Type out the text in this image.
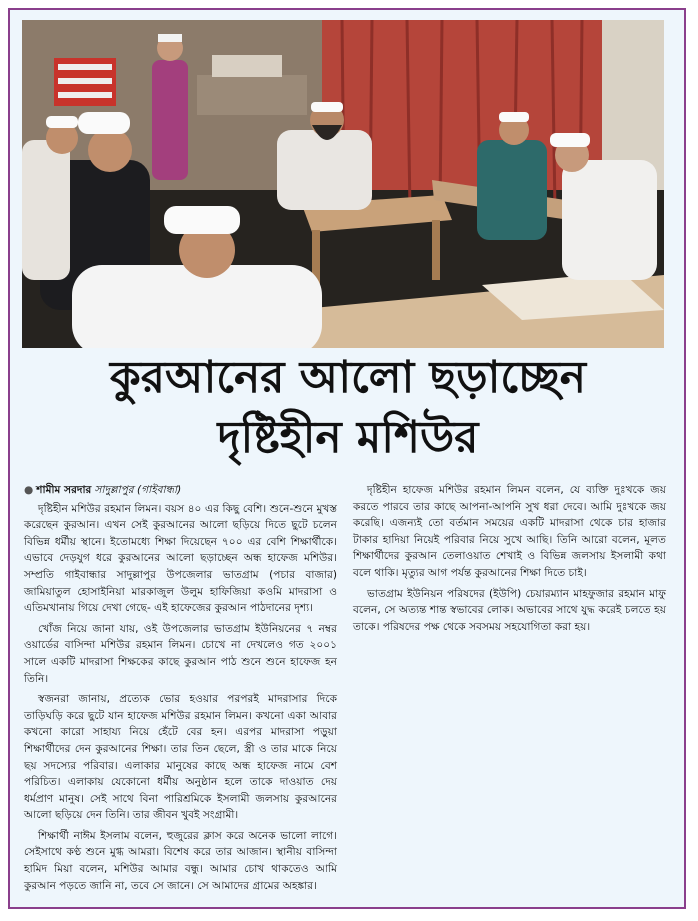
কুরআনের আলো ছড়াচ্ছেন
দৃষ্টিহীন মশিউর
● শামীম সরদার সাদুল্লাপুর (গাইবান্ধা)

দৃষ্টিহীন মশিউর রহমান লিমন। বয়স ৪০ এর কিছু বেশি। শুনে-শুনে মুখস্ত করেছেন কুরআন। এখন সেই কুরআনের আলো ছড়িয়ে দিতে ছুটে চলেন বিভিন্ন ধর্মীয় স্থানে। ইতোমধ্যে শিক্ষা দিয়েছেন ৭০০ এর বেশি শিক্ষার্থীকে। এভাবে দেড়যুগ ধরে কুরআনের আলো ছড়াচ্ছেন অন্ধ হাফেজ মশিউর। সম্প্রতি গাইবান্ধার সাদুল্লাপুর উপজেলার ভাতগ্রাম (পচার বাজার) জামিয়াতুল হোসাইনিয়া মারকাজুল উলুম হাফিজিয়া কওমি মাদরাসা ও এতিমখানায় গিয়ে দেখা গেছে- এই হাফেজের কুরআন পাঠদানের দৃশ্য।

খোঁজ নিয়ে জানা যায়, ওই উপজেলার ভাতগ্রাম ইউনিয়নের ৭ নম্বর ওয়ার্ডের বাসিন্দা মশিউর রহমান লিমন। চোখে না দেখলেও গত ২০০১ সালে একটি মাদরাসা শিক্ষকের কাছে কুরআন পাঠ শুনে শুনে হাফেজ হন তিনি।

স্বজনরা জানায়, প্রত্যেক ভোর হওয়ার পরপরই মাদরাসার দিকে তাড়িঘড়ি করে ছুটে যান হাফেজ মশিউর রহমান লিমন। কখনো একা আবার কখনো কারো সাহায্য নিয়ে হেঁটে বের হন। এরপর মাদরাসা পড়ুয়া শিক্ষার্থীদের দেন কুরআনের শিক্ষা। তার তিন ছেলে, স্ত্রী ও তার মাকে নিয়ে ছয় সদস্যের পরিবার। এলাকার মানুষের কাছে অন্ধ হাফেজ নামে বেশ পরিচিত। এলাকায় যেকোনো ধর্মীয় অনুষ্ঠান হলে তাকে দাওয়াত দেয় ধর্মপ্রাণ মানুষ। সেই সাথে বিনা পারিশ্রমিকে ইসলামী জলসায় কুরআনের আলো ছড়িয়ে দেন তিনি। তার জীবন খুবই সংগ্রামী।

শিক্ষার্থী নাঈম ইসলাম বলেন, হুজুরের ক্লাস করে অনেক ভালো লাগে। সেইসাথে কণ্ঠ শুনে মুগ্ধ আমরা। বিশেষ করে তার আজান। স্থানীয় বাসিন্দা হামিদ মিয়া বলেন, মশিউর আমার বন্ধু। আমার চোখ থাকতেও আমি কুরআন পড়তে জানি না, তবে সে জানে। সে আমাদের গ্রামের অহঙ্কার।

দৃষ্টিহীন হাফেজ মশিউর রহমান লিমন বলেন, যে ব্যক্তি দুঃখকে জয় করতে পারবে তার কাছে আপনা-আপনি সুখ ধরা দেবে। আমি দুঃখকে জয় করেছি। এজন্যই তো বর্তমান সময়ের একটি মাদরাসা থেকে চার হাজার টাকার হাদিয়া নিয়েই পরিবার নিয়ে সুখে আছি। তিনি আরো বলেন, মূলত শিক্ষার্থীদের কুরআন তেলাওয়াত শেখাই ও বিভিন্ন জলসায় ইসলামী কথা বলে থাকি। মৃত্যুর আগ পর্যন্ত কুরআনের শিক্ষা দিতে চাই।

ভাতগ্রাম ইউনিয়ন পরিষদের (ইউপি) চেয়ারম্যান মাহফুজার রহমান মাফু বলেন, সে অত্যন্ত শান্ত স্বভাবের লোক। অভাবের সাথে যুদ্ধ করেই চলতে হয় তাকে। পরিষদের পক্ষ থেকে সবসময় সহযোগিতা করা হয়।
